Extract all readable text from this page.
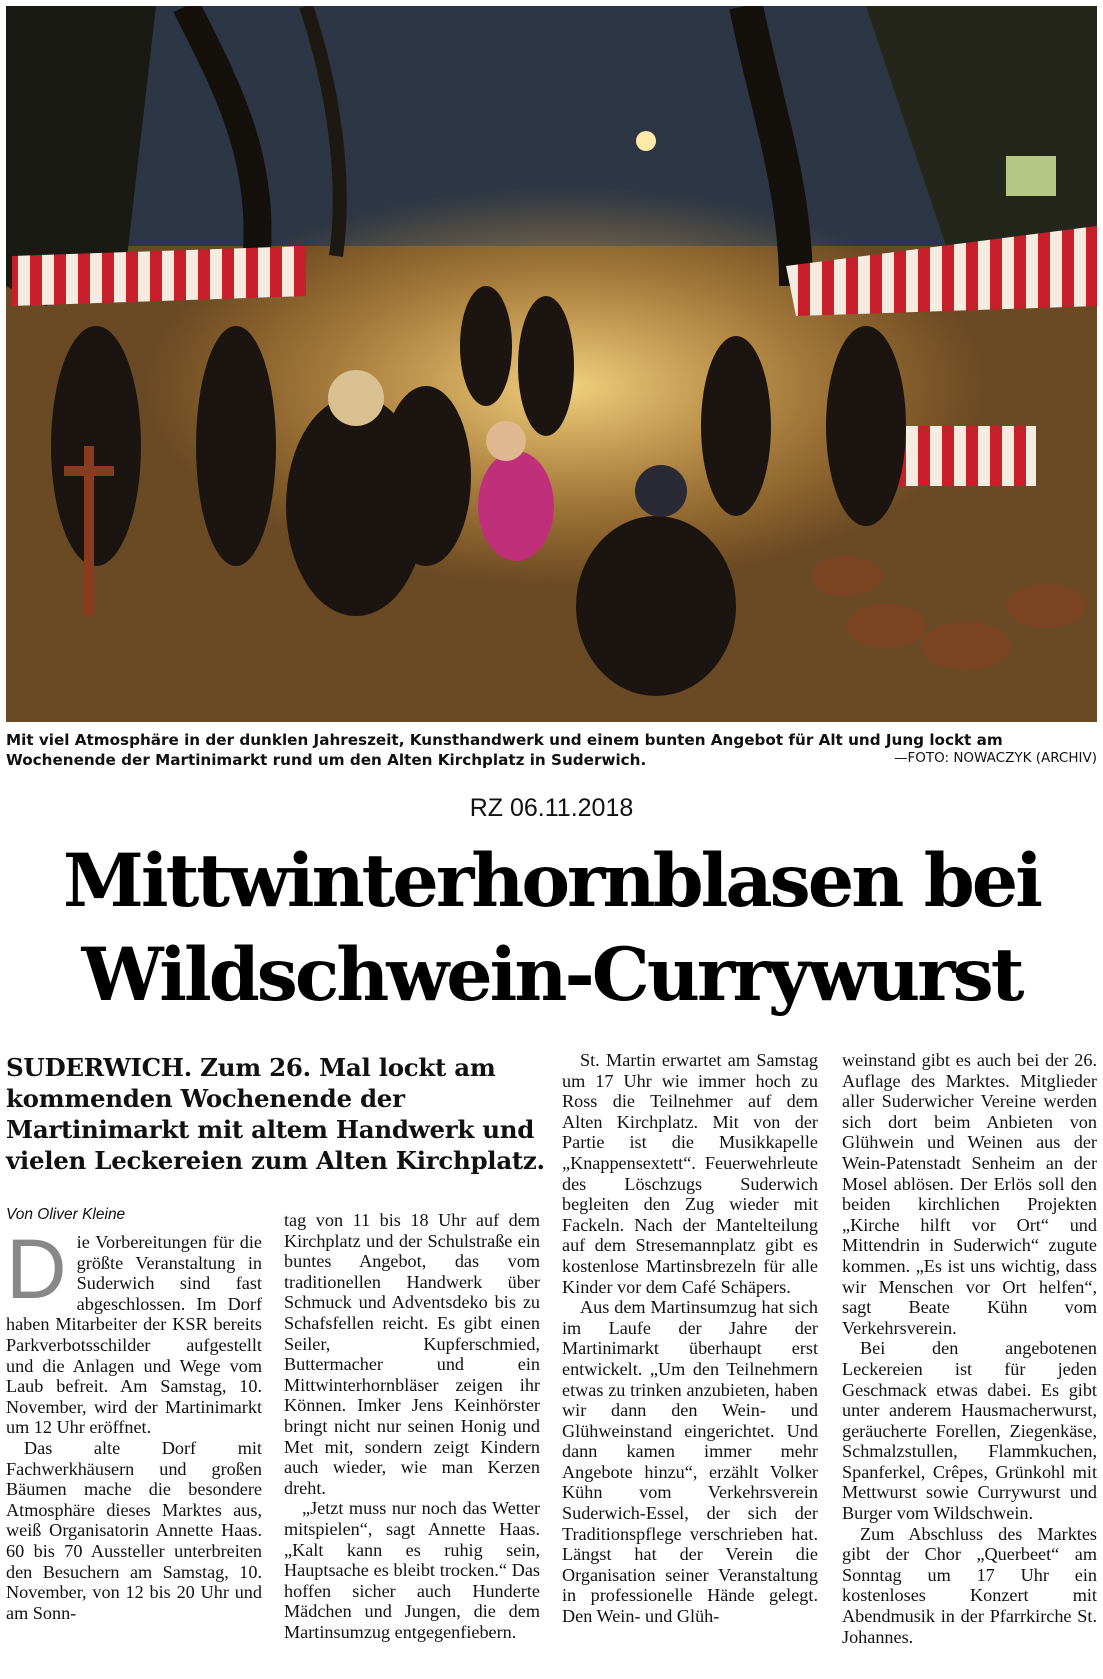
Mit viel Atmosphäre in der dunklen Jahreszeit, Kunsthandwerk und einem bunten Angebot für Alt und Jung lockt am Wochenende der Martinimarkt rund um den Alten Kirchplatz in Suderwich.	—FOTO: NOWACZYK (ARCHIV)
RZ 06.11.2018
Mittwinterhornblasen bei Wildschwein-Currywurst
SUDERWICH. Zum 26. Mal lockt am kommenden Wochenende der Martinimarkt mit altem Handwerk und vielen Leckereien zum Alten Kirchplatz.
Von Oliver Kleine

Die Vorbereitungen für die größte Veranstaltung in Suderwich sind fast abgeschlossen. Im Dorf haben Mitarbeiter der KSR bereits Parkverbotsschilder aufgestellt und die Anlagen und Wege vom Laub befreit. Am Samstag, 10. November, wird der Martinimarkt um 12 Uhr eröffnet.

Das alte Dorf mit Fachwerkhäusern und großen Bäumen mache die besondere Atmosphäre dieses Marktes aus, weiß Organisatorin Annette Haas. 60 bis 70 Aussteller unterbreiten den Besuchern am Samstag, 10. November, von 12 bis 20 Uhr und am Sonn-

tag von 11 bis 18 Uhr auf dem Kirchplatz und der Schulstraße ein buntes Angebot, das vom traditionellen Handwerk über Schmuck und Adventsdeko bis zu Schafsfellen reicht. Es gibt einen Seiler, Kupferschmied, Buttermacher und ein Mittwinterhornbläser zeigen ihr Können. Imker Jens Keinhörster bringt nicht nur seinen Honig und Met mit, sondern zeigt Kindern auch wieder, wie man Kerzen dreht.

„Jetzt muss nur noch das Wetter mitspielen“, sagt Annette Haas. „Kalt kann es ruhig sein, Hauptsache es bleibt trocken.“ Das hoffen sicher auch Hunderte Mädchen und Jungen, die dem Martinsumzug entgegenfiebern.

St. Martin erwartet am Samstag um 17 Uhr wie immer hoch zu Ross die Teilnehmer auf dem Alten Kirchplatz. Mit von der Partie ist die Musikkapelle „Knappensextett“. Feuerwehrleute des Löschzugs Suderwich begleiten den Zug wieder mit Fackeln. Nach der Mantelteilung auf dem Stresemannplatz gibt es kostenlose Martinsbrezeln für alle Kinder vor dem Café Schäpers.

Aus dem Martinsumzug hat sich im Laufe der Jahre der Martinimarkt überhaupt erst entwickelt. „Um den Teilnehmern etwas zu trinken anzubieten, haben wir dann den Wein- und Glühweinstand eingerichtet. Und dann kamen immer mehr Angebote hinzu“, erzählt Volker Kühn vom Verkehrsverein Suderwich-Essel, der sich der Traditionspflege verschrieben hat. Längst hat der Verein die Organisation seiner Veranstaltung in professionelle Hände gelegt. Den Wein- und Glüh-

weinstand gibt es auch bei der 26. Auflage des Marktes. Mitglieder aller Suderwicher Vereine werden sich dort beim Anbieten von Glühwein und Weinen aus der Wein-Patenstadt Senheim an der Mosel ablösen. Der Erlös soll den beiden kirchlichen Projekten „Kirche hilft vor Ort“ und Mittendrin in Suderwich“ zugute kommen. „Es ist uns wichtig, dass wir Menschen vor Ort helfen“, sagt Beate Kühn vom Verkehrsverein.

Bei den angebotenen Leckereien ist für jeden Geschmack etwas dabei. Es gibt unter anderem Hausmacherwurst, geräucherte Forellen, Ziegenkäse, Schmalzstullen, Flammkuchen, Spanferkel, Crêpes, Grünkohl mit Mettwurst sowie Currywurst und Burger vom Wildschwein.

Zum Abschluss des Marktes gibt der Chor „Querbeet“ am Sonntag um 17 Uhr ein kostenloses Konzert mit Abendmusik in der Pfarrkirche St. Johannes.
